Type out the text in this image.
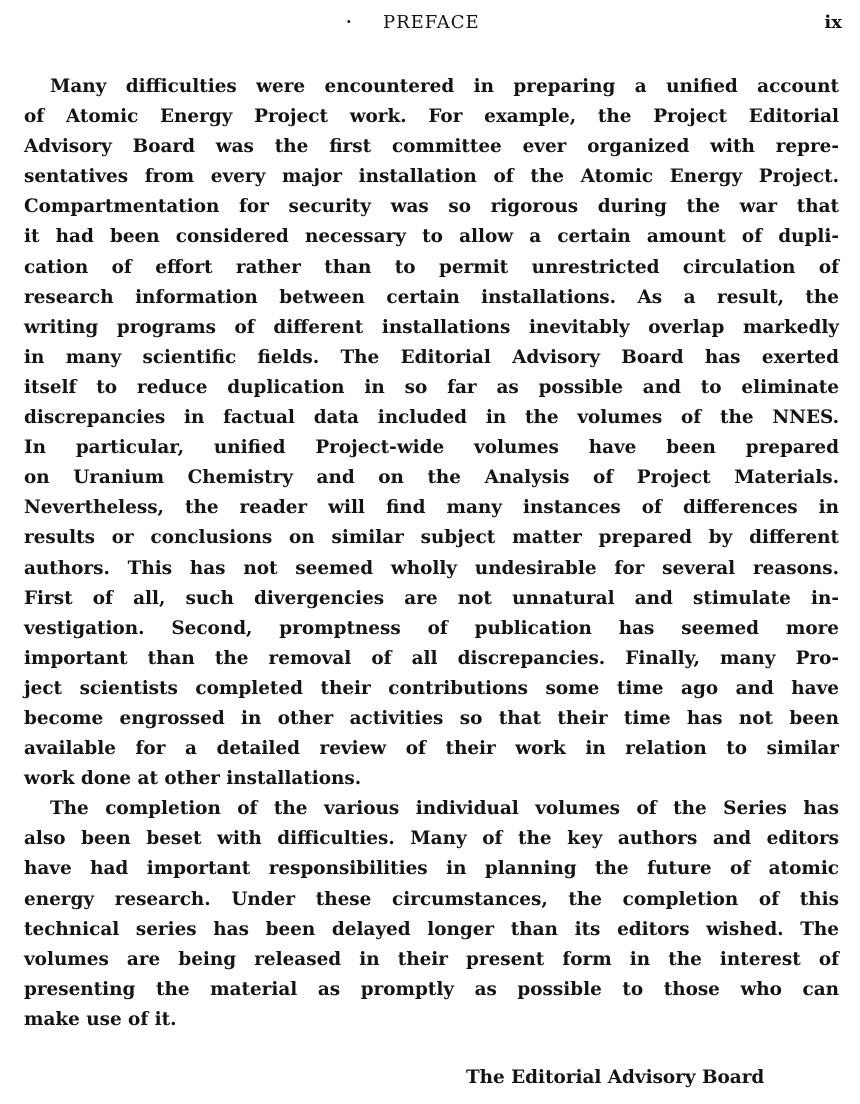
· PREFACE	ix

Many difficulties were encountered in preparing a unified account

of Atomic Energy Project work. For example, the Project Editorial

Advisory Board was the first committee ever organized with repre-

sentatives from every major installation of the Atomic Energy Project.

Compartmentation for security was so rigorous during the war that

it had been considered necessary to allow a certain amount of dupli-

cation of effort rather than to permit unrestricted circulation of

research information between certain installations. As a result, the

writing programs of different installations inevitably overlap markedly

in many scientific fields. The Editorial Advisory Board has exerted

itself to reduce duplication in so far as possible and to eliminate

discrepancies in factual data included in the volumes of the NNES.

In particular, unified Project-wide volumes have been prepared

on Uranium Chemistry and on the Analysis of Project Materials.

Nevertheless, the reader will find many instances of differences in

results or conclusions on similar subject matter prepared by different

authors. This has not seemed wholly undesirable for several reasons.

First of all, such divergencies are not unnatural and stimulate in-

vestigation. Second, promptness of publication has seemed more

important than the removal of all discrepancies. Finally, many Pro-

ject scientists completed their contributions some time ago and have

become engrossed in other activities so that their time has not been

available for a detailed review of their work in relation to similar

work done at other installations.

The completion of the various individual volumes of the Series has

also been beset with difficulties. Many of the key authors and editors

have had important responsibilities in planning the future of atomic

energy research. Under these circumstances, the completion of this

technical series has been delayed longer than its editors wished. The

volumes are being released in their present form in the interest of

presenting the material as promptly as possible to those who can

make use of it.

The Editorial Advisory Board
